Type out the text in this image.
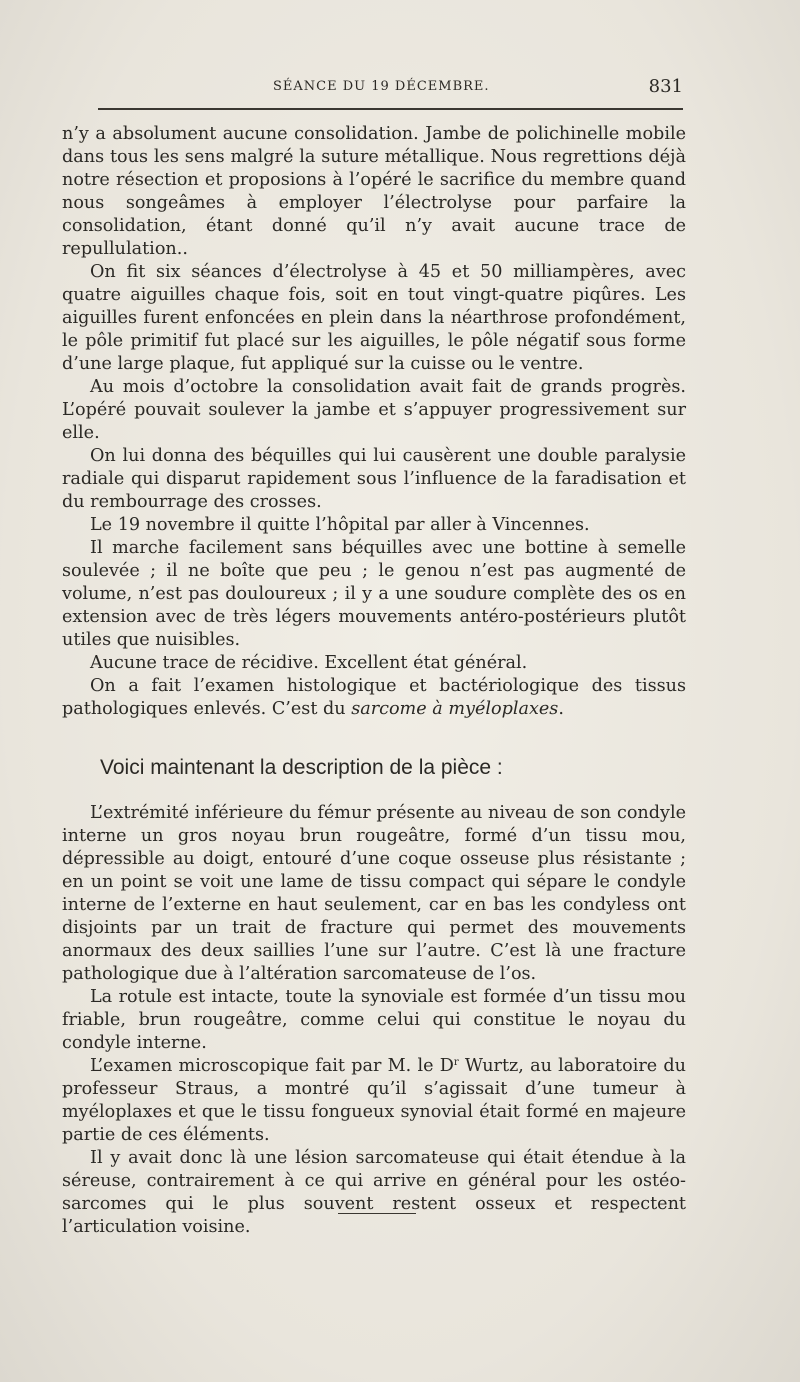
SÉANCE DU 19 DÉCEMBRE.	831

n’y a absolument aucune consolidation. Jambe de polichinelle mobile dans tous les sens malgré la suture métallique. Nous regrettions déjà notre résection et proposions à l’opéré le sacrifice du membre quand nous songeâmes à employer l’électrolyse pour parfaire la consolidation, étant donné qu’il n’y avait aucune trace de repullulation..

On fit six séances d’électrolyse à 45 et 50 milliampères, avec quatre aiguilles chaque fois, soit en tout vingt-quatre piqûres. Les aiguilles furent enfoncées en plein dans la néarthrose profondément, le pôle primitif fut placé sur les aiguilles, le pôle négatif sous forme d’une large plaque, fut appliqué sur la cuisse ou le ventre.

Au mois d’octobre la consolidation avait fait de grands progrès. L’opéré pouvait soulever la jambe et s’appuyer progressivement sur elle.

On lui donna des béquilles qui lui causèrent une double paralysie radiale qui disparut rapidement sous l’influence de la faradisation et du rembourrage des crosses.

Le 19 novembre il quitte l’hôpital par aller à Vincennes.

Il marche facilement sans béquilles avec une bottine à semelle soulevée ; il ne boîte que peu ; le genou n’est pas augmenté de volume, n’est pas douloureux ; il y a une soudure complète des os en extension avec de très légers mouvements antéro-postérieurs plutôt utiles que nuisibles.

Aucune trace de récidive. Excellent état général.

On a fait l’examen histologique et bactériologique des tissus pathologiques enlevés. C’est du sarcome à myéloplaxes.

Voici maintenant la description de la pièce :

L’extrémité inférieure du fémur présente au niveau de son condyle interne un gros noyau brun rougeâtre, formé d’un tissu mou, dépressible au doigt, entouré d’une coque osseuse plus résistante ; en un point se voit une lame de tissu compact qui sépare le condyle interne de l’externe en haut seulement, car en bas les condyless ont disjoints par un trait de fracture qui permet des mouvements anormaux des deux saillies l’une sur l’autre. C’est là une fracture pathologique due à l’altération sarcomateuse de l’os.

La rotule est intacte, toute la synoviale est formée d’un tissu mou friable, brun rougeâtre, comme celui qui constitue le noyau du condyle interne.

L’examen microscopique fait par M. le $D^r$ Wurtz, au laboratoire du professeur Straus, a montré qu’il s’agissait d’une tumeur à myéloplaxes et que le tissu fongueux synovial était formé en majeure partie de ces éléments.

Il y avait donc là une lésion sarcomateuse qui était étendue à la séreuse, contrairement à ce qui arrive en général pour les ostéo-sarcomes qui le plus souvent restent osseux et respectent l’articulation voisine.
